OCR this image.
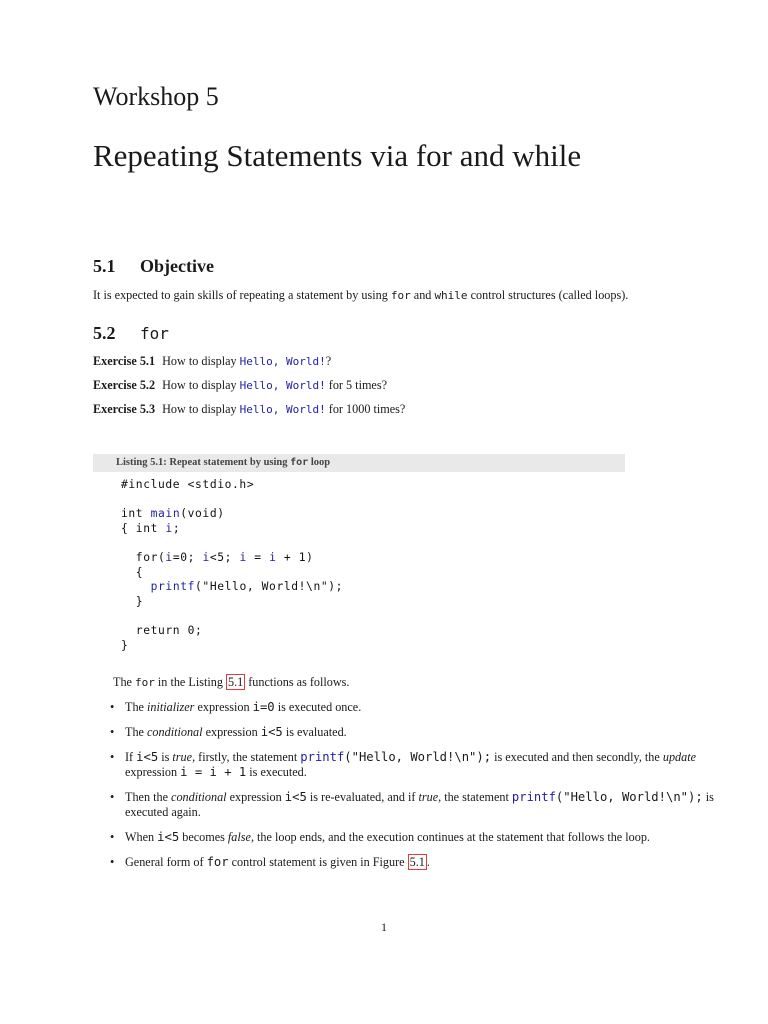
Workshop 5
Repeating Statements via for and while
5.1 Objective
It is expected to gain skills of repeating a statement by using for and while control structures (called loops).
5.2 for
Exercise 5.1 How to display Hello, World!?
Exercise 5.2 How to display Hello, World! for 5 times?
Exercise 5.3 How to display Hello, World! for 1000 times?
Listing 5.1: Repeat statement by using for loop
#include <stdio.h>

int main(void)
{ int i;

for(i=0; i<5; i = i + 1)
{
printf("Hello, World!\n");
}

return 0;
}
The for in the Listing 5.1 functions as follows.
• The initializer expression i=0 is executed once.
• The conditional expression i<5 is evaluated.
• If i<5 is true, firstly, the statement printf("Hello, World!\n"); is executed and then secondly, the update expression i = i + 1 is executed.
• Then the conditional expression i<5 is re-evaluated, and if true, the statement printf("Hello, World!\n"); is executed again.
• When i<5 becomes false, the loop ends, and the execution continues at the statement that follows the loop.
• General form of for control statement is given in Figure 5.1 .
1
